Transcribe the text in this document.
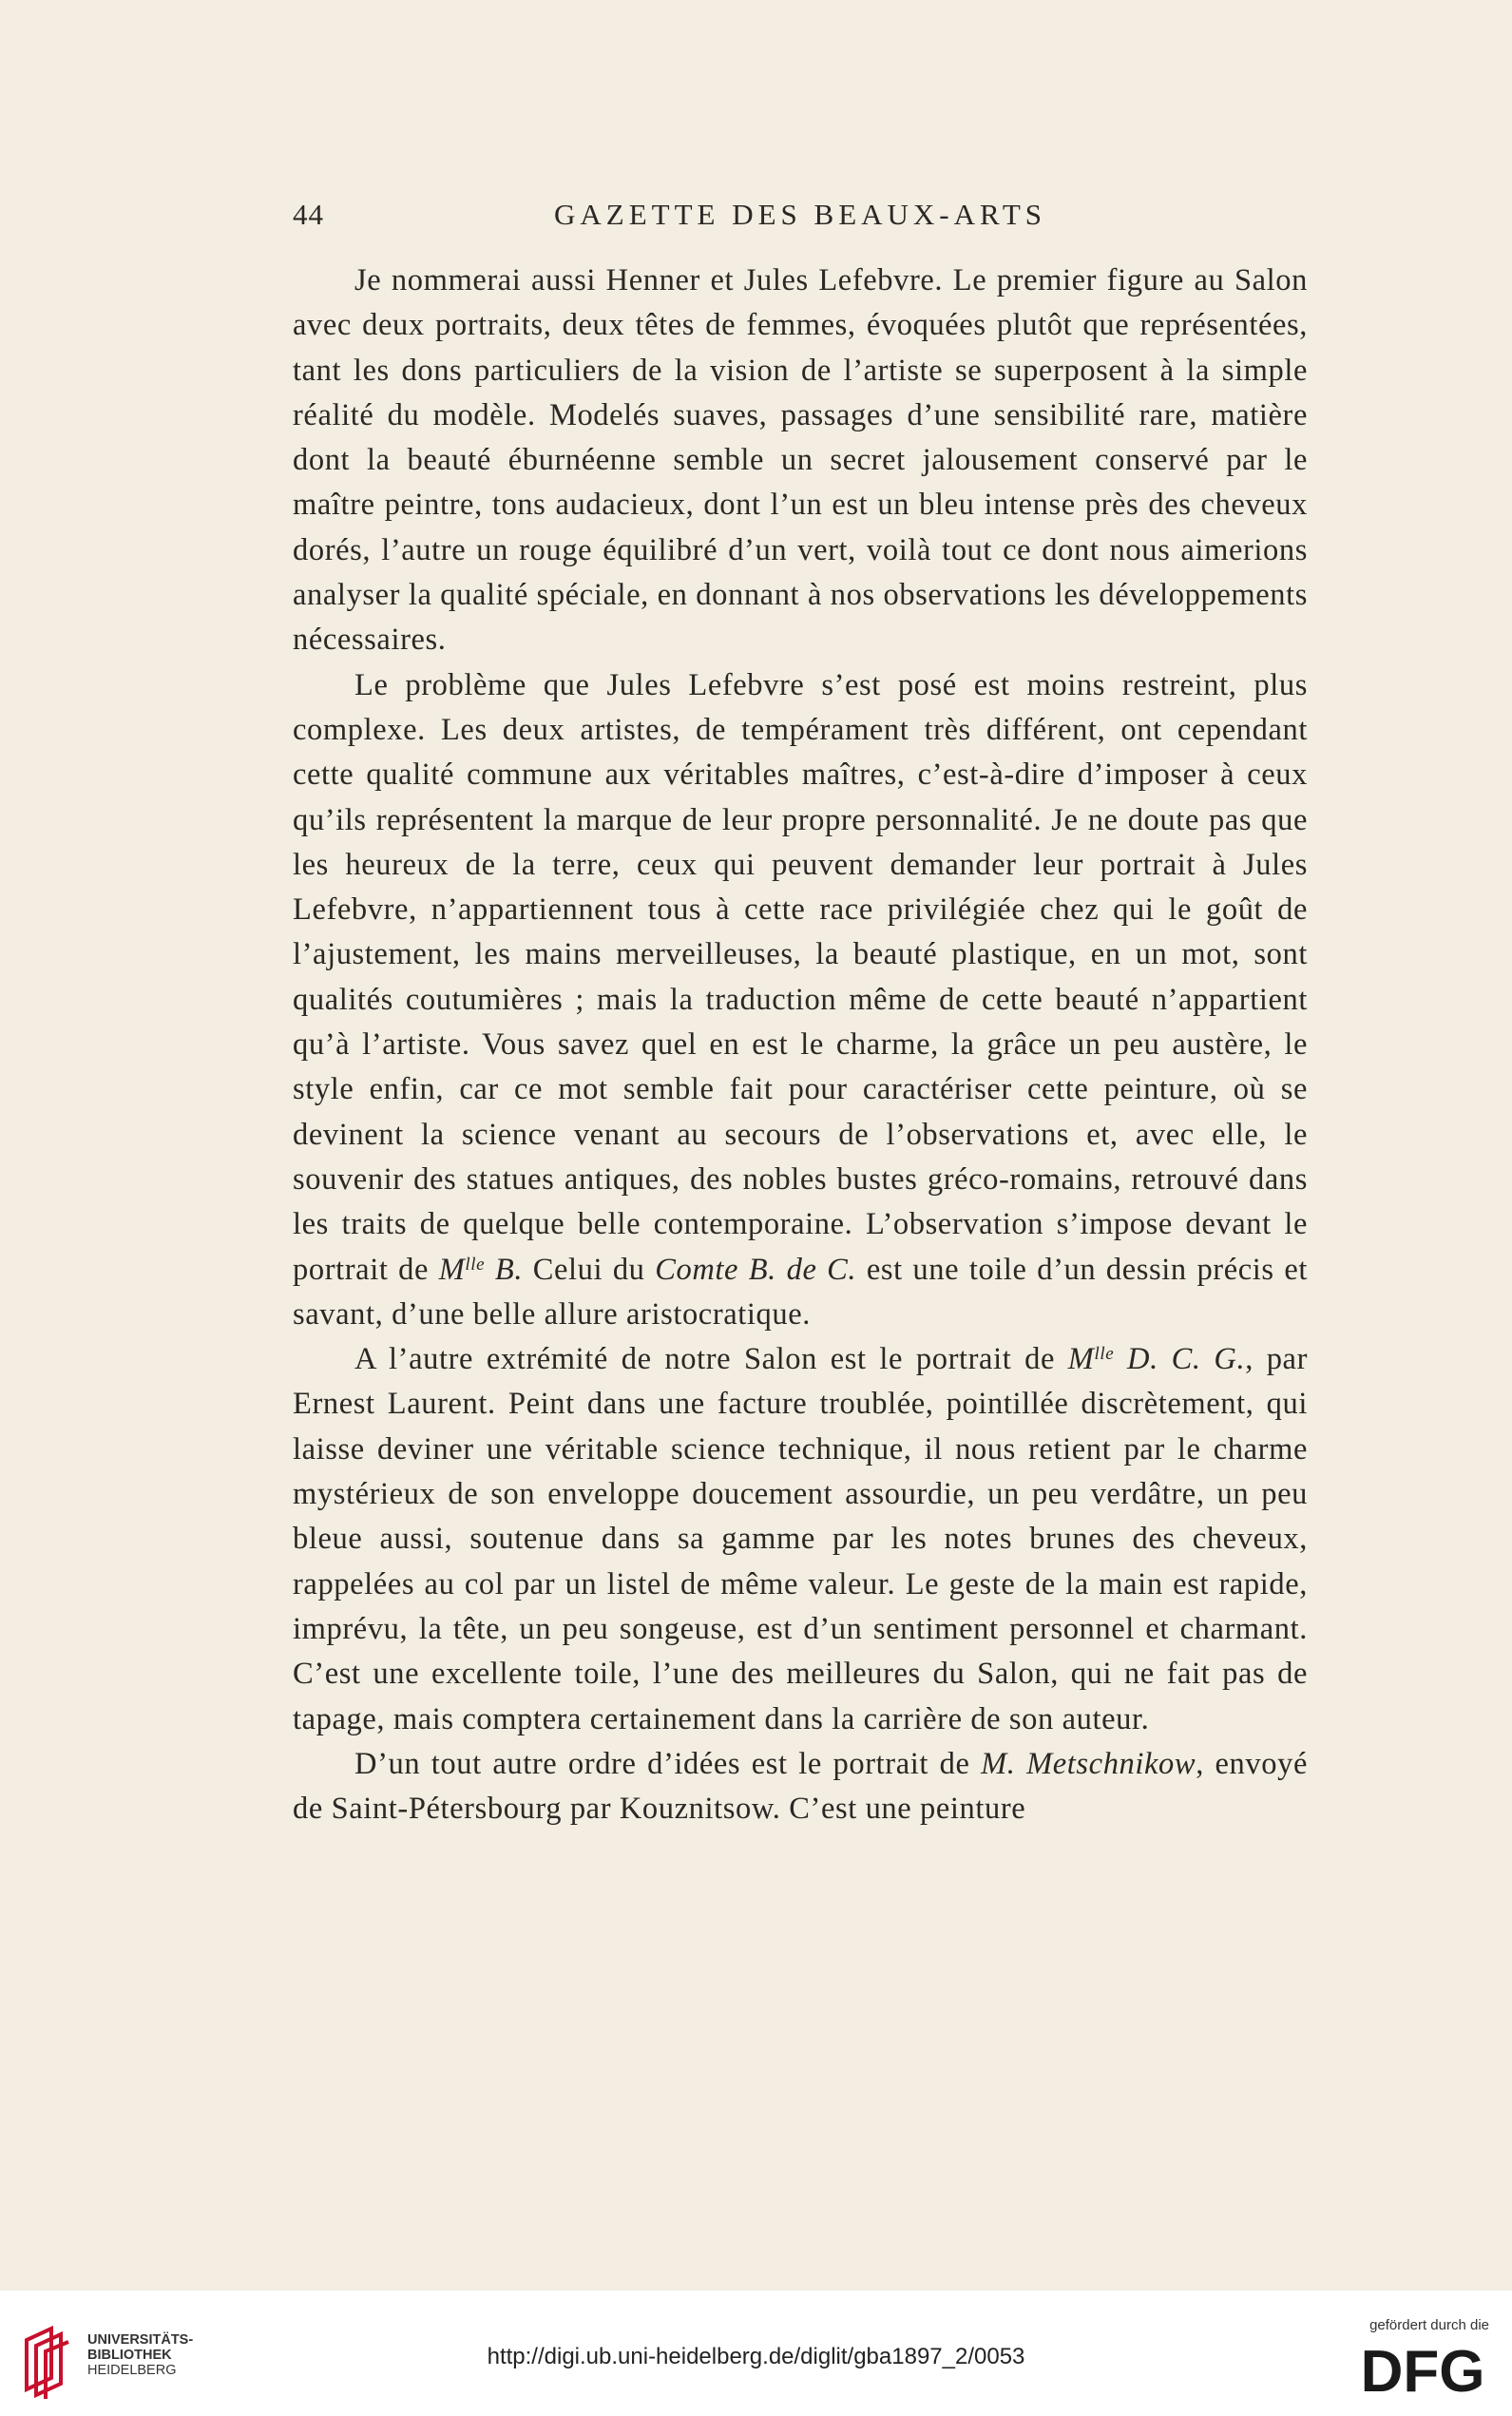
44	GAZETTE DES BEAUX-ARTS

Je nommerai aussi Henner et Jules Lefebvre. Le premier figure au Salon avec deux portraits, deux têtes de femmes, évoquées plutôt que représentées, tant les dons particuliers de la vision de l’artiste se superposent à la simple réalité du modèle. Modelés suaves, passages d’une sensibilité rare, matière dont la beauté éburnéenne semble un secret jalousement conservé par le maître peintre, tons audacieux, dont l’un est un bleu intense près des cheveux dorés, l’autre un rouge équilibré d’un vert, voilà tout ce dont nous aimerions analyser la qualité spéciale, en donnant à nos observations les développements nécessaires.

Le problème que Jules Lefebvre s’est posé est moins restreint, plus complexe. Les deux artistes, de tempérament très différent, ont cependant cette qualité commune aux véritables maîtres, c’est-à-dire d’imposer à ceux qu’ils représentent la marque de leur propre personnalité. Je ne doute pas que les heureux de la terre, ceux qui peuvent demander leur portrait à Jules Lefebvre, n’appartiennent tous à cette race privilégiée chez qui le goût de l’ajustement, les mains merveilleuses, la beauté plastique, en un mot, sont qualités coutumières ; mais la traduction même de cette beauté n’appartient qu’à l’artiste. Vous savez quel en est le charme, la grâce un peu austère, le style enfin, car ce mot semble fait pour caractériser cette peinture, où se devinent la science venant au secours de l’observations et, avec elle, le souvenir des statues antiques, des nobles bustes gréco-romains, retrouvé dans les traits de quelque belle contemporaine. L’observation s’impose devant le portrait de $M^{lle}$ B. Celui du Comte B. de C. est une toile d’un dessin précis et savant, d’une belle allure aristocratique.

A l’autre extrémité de notre Salon est le portrait de $M^{lle}$ D. C. G., par Ernest Laurent. Peint dans une facture troublée, pointillée discrètement, qui laisse deviner une véritable science technique, il nous retient par le charme mystérieux de son enveloppe doucement assourdie, un peu verdâtre, un peu bleue aussi, soutenue dans sa gamme par les notes brunes des cheveux, rappelées au col par un listel de même valeur. Le geste de la main est rapide, imprévu, la tête, un peu songeuse, est d’un sentiment personnel et charmant. C’est une excellente toile, l’une des meilleures du Salon, qui ne fait pas de tapage, mais comptera certainement dans la carrière de son auteur.

D’un tout autre ordre d’idées est le portrait de M. Metschnikow, envoyé de Saint-Pétersbourg par Kouznitsow. C’est une peinture

UNIVERSITÄTS-
BIBLIOTHEK
HEIDELBERG
http://digi.ub.uni-heidelberg.de/diglit/gba1897_2/0053
gefördert durch die
DFG
